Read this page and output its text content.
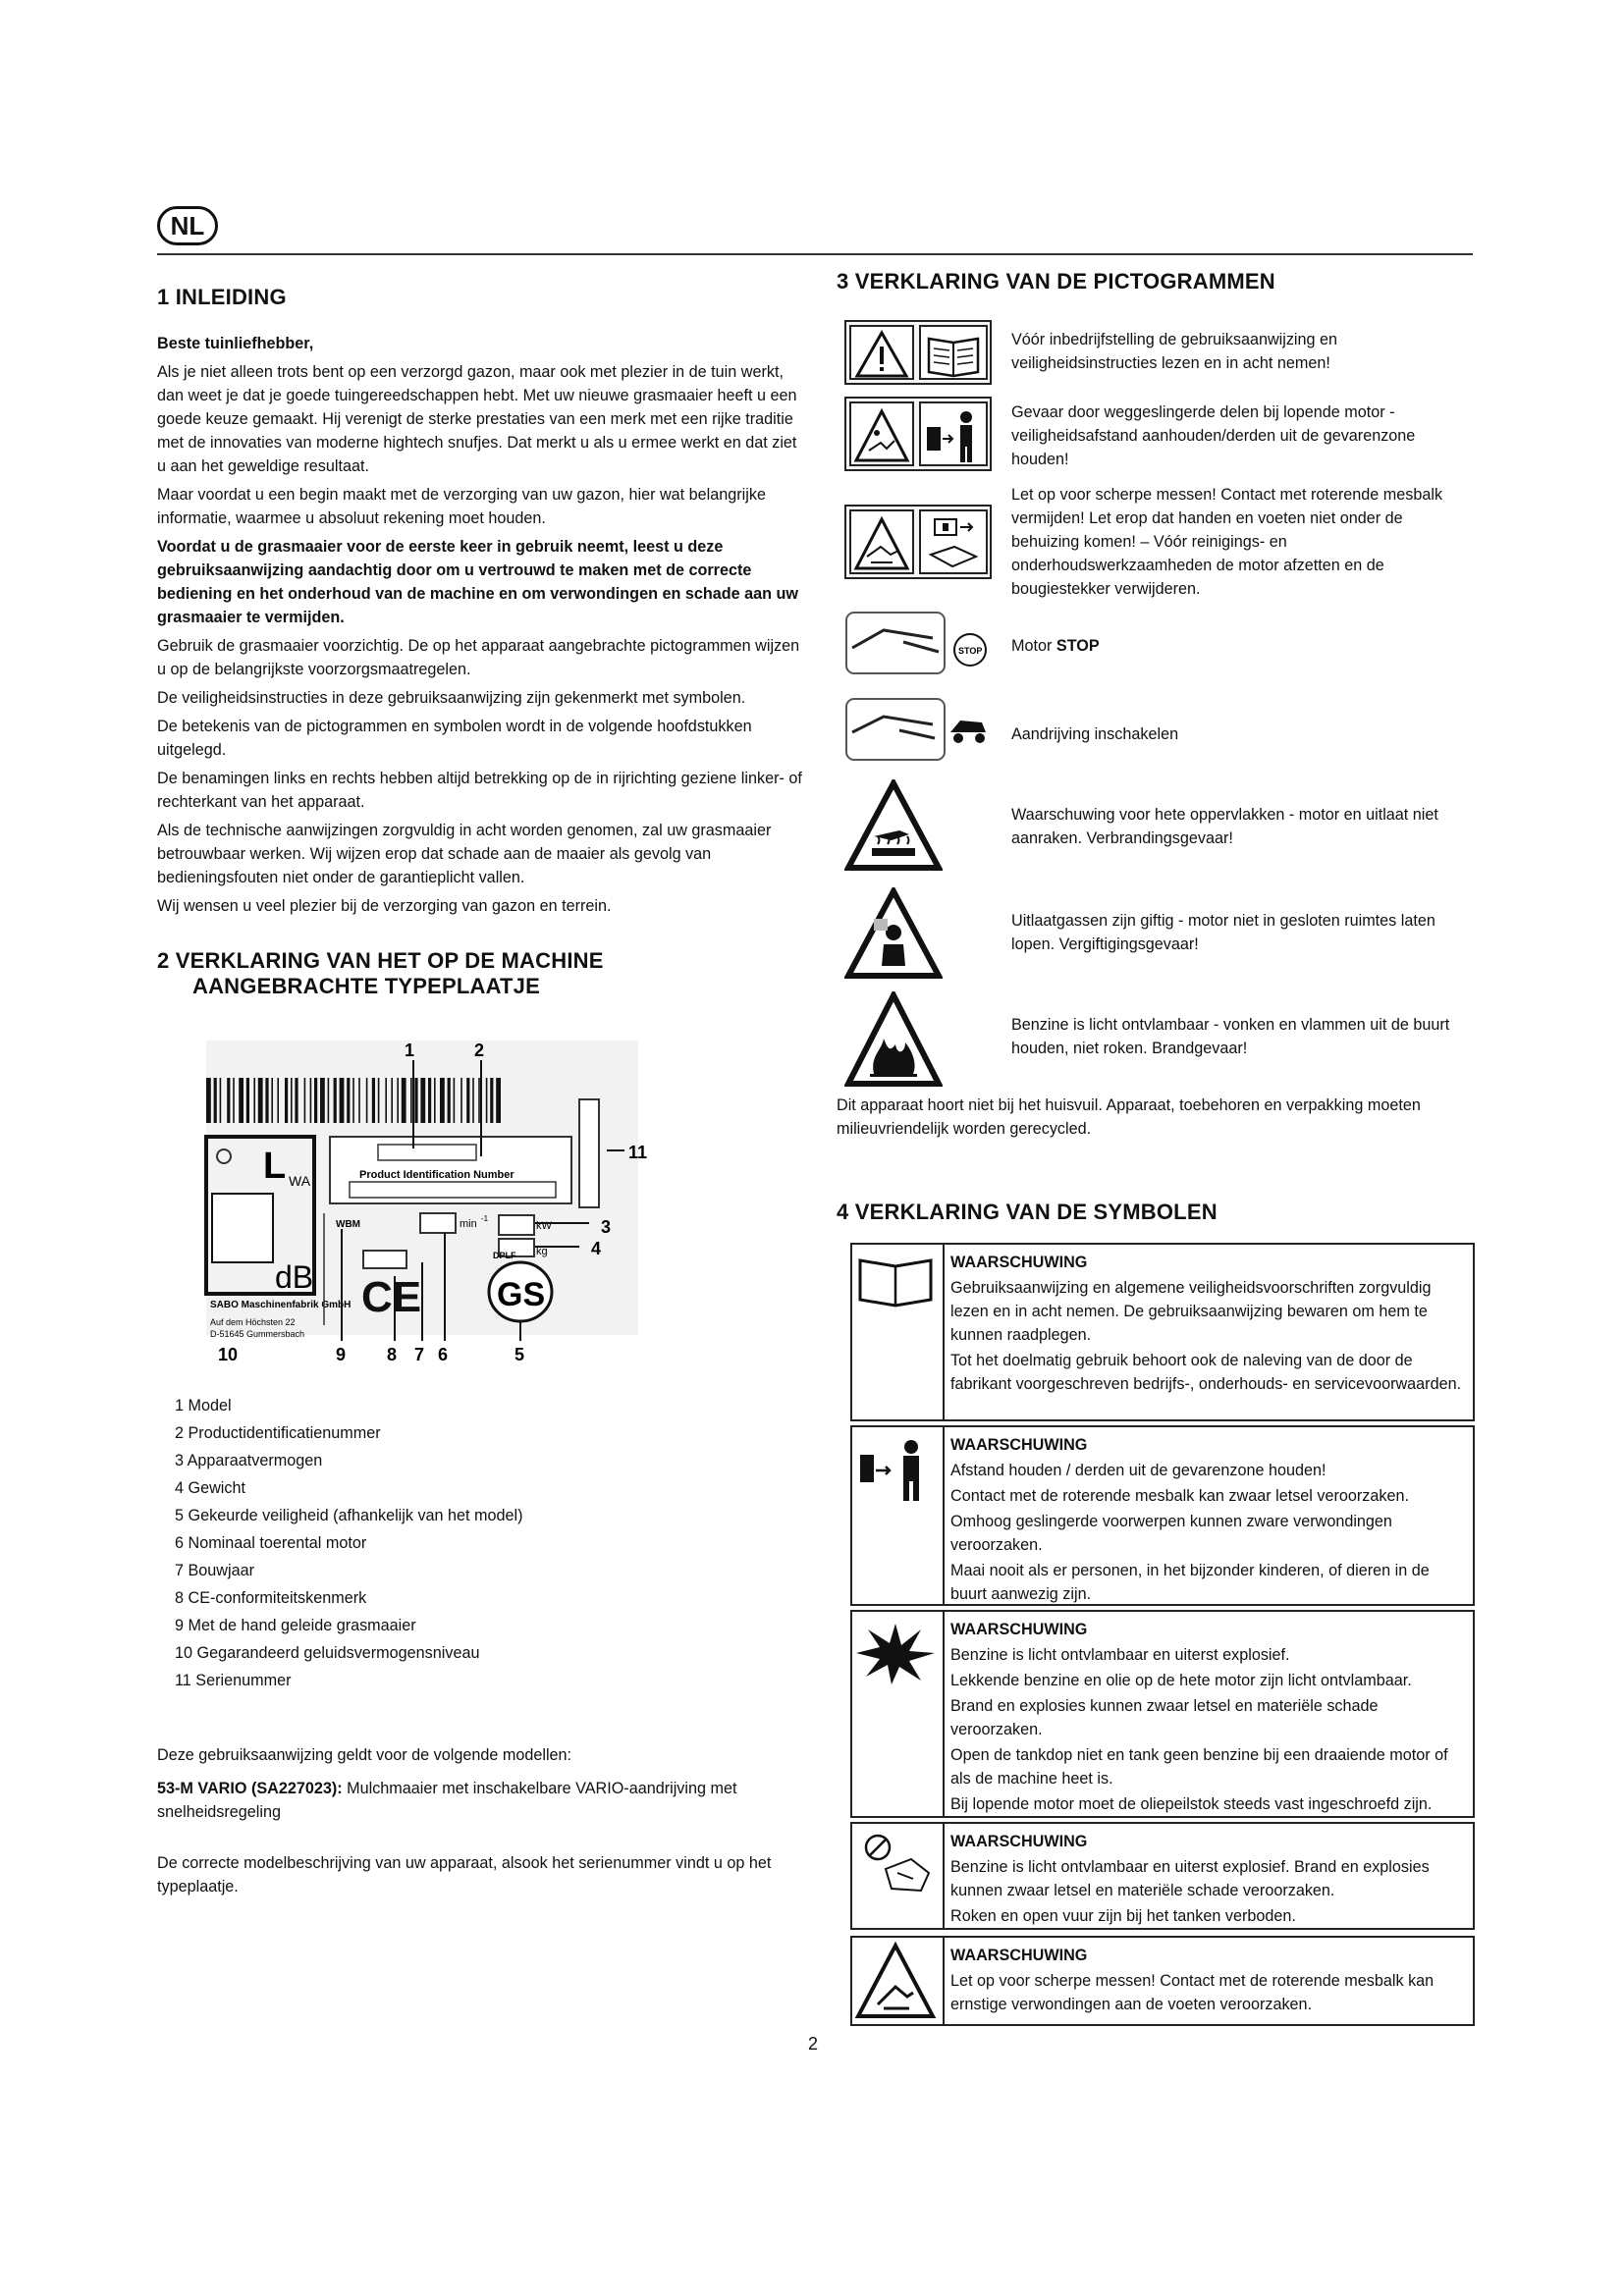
NL
1 INLEIDING

Beste tuinliefhebber,

Als je niet alleen trots bent op een verzorgd gazon, maar ook met plezier in de tuin werkt, dan weet je dat je goede tuingereedschappen hebt. Met uw nieuwe grasmaaier heeft u een goede keuze gemaakt. Hij verenigt de sterke prestaties van een merk met een rijke traditie met de innovaties van moderne hightech snufjes. Dat merkt u als u ermee werkt en dat ziet u aan het geweldige resultaat.

Maar voordat u een begin maakt met de verzorging van uw gazon, hier wat belangrijke informatie, waarmee u absoluut rekening moet houden.

Voordat u de grasmaaier voor de eerste keer in gebruik neemt, leest u deze gebruiksaanwijzing aandachtig door om u vertrouwd te maken met de correcte bediening en het onderhoud van de machine en om verwondingen en schade aan uw grasmaaier te vermijden.

Gebruik de grasmaaier voorzichtig. De op het apparaat aangebrachte pictogrammen wijzen u op de belangrijkste voorzorgsmaatregelen.

De veiligheidsinstructies in deze gebruiksaanwijzing zijn gekenmerkt met symbolen.

De betekenis van de pictogrammen en symbolen wordt in de volgende hoofdstukken uitgelegd.

De benamingen links en rechts hebben altijd betrekking op de in rijrichting geziene linker- of rechterkant van het apparaat.

Als de technische aanwijzingen zorgvuldig in acht worden genomen, zal uw grasmaaier betrouwbaar werken. Wij wijzen erop dat schade aan de maaier als gevolg van bedieningsfouten niet onder de garantieplicht vallen.

Wij wensen u veel plezier bij de verzorging van gazon en terrein.

2 VERKLARING VAN HET OP DE MACHINE
AANGEBRACHTE TYPEPLAATJE
L WA
dB
Product Identification Number
min -1
kW
kg
WBM
CE
DPLF
GS
SABO Maschinenfabrik GmbH
Auf dem Höchsten 22
D-51645 Gummersbach
1	2
3
4
5
6
7
8
9
10
11
1 Model
2 Productidentificatienummer
3 Apparaatvermogen
4 Gewicht
5 Gekeurde veiligheid (afhankelijk van het model)
6 Nominaal toerental motor
7 Bouwjaar
8 CE-conformiteitskenmerk
9 Met de hand geleide grasmaaier
10 Gegarandeerd geluidsvermogensniveau
11 Serienummer

Deze gebruiksaanwijzing geldt voor de volgende modellen:

53-M VARIO (SA227023): Mulchmaaier met inschakelbare VARIO-aandrijving met snelheidsregeling

De correcte modelbeschrijving van uw apparaat, alsook het serienummer vindt u op het typeplaatje.

3 VERKLARING VAN DE PICTOGRAMMEN
Vóór inbedrijfstelling de gebruiksaanwijzing en veiligheidsinstructies lezen en in acht nemen!
Gevaar door weggeslingerde delen bij lopende motor - veiligheidsafstand aanhouden/derden uit de gevarenzone houden!
Let op voor scherpe messen! Contact met roterende mesbalk vermijden! Let erop dat handen en voeten niet onder de behuizing komen! – Vóór reinigings- en onderhoudswerkzaamheden de motor afzetten en de bougiestekker verwijderen.
STOP Motor STOP
Aandrijving inschakelen
Waarschuwing voor hete oppervlakken - motor en uitlaat niet aanraken. Verbrandingsgevaar!
Uitlaatgassen zijn giftig - motor niet in gesloten ruimtes laten lopen. Vergiftigingsgevaar!
Benzine is licht ontvlambaar - vonken en vlammen uit de buurt houden, niet roken. Brandgevaar!
Dit apparaat hoort niet bij het huisvuil. Apparaat, toebehoren en verpakking moeten milieuvriendelijk worden gerecycled.
4 VERKLARING VAN DE SYMBOLEN
WAARSCHUWING
Gebruiksaanwijzing en algemene veiligheidsvoorschriften zorgvuldig lezen en in acht nemen. De gebruiksaanwijzing bewaren om hem te kunnen raadplegen.
Tot het doelmatig gebruik behoort ook de naleving van de door de fabrikant voorgeschreven bedrijfs-, onderhouds- en servicevoorwaarden.
WAARSCHUWING
Afstand houden / derden uit de gevarenzone houden!
Contact met de roterende mesbalk kan zwaar letsel veroorzaken.
Omhoog geslingerde voorwerpen kunnen zware verwondingen veroorzaken.
Maai nooit als er personen, in het bijzonder kinderen, of dieren in de buurt aanwezig zijn.
WAARSCHUWING
Benzine is licht ontvlambaar en uiterst explosief.
Lekkende benzine en olie op de hete motor zijn licht ontvlambaar.
Brand en explosies kunnen zwaar letsel en materiële schade veroorzaken.
Open de tankdop niet en tank geen benzine bij een draaiende motor of als de machine heet is.
Bij lopende motor moet de oliepeilstok steeds vast ingeschroefd zijn.
WAARSCHUWING
Benzine is licht ontvlambaar en uiterst explosief. Brand en explosies kunnen zwaar letsel en materiële schade veroorzaken.
Roken en open vuur zijn bij het tanken verboden.
WAARSCHUWING
Let op voor scherpe messen! Contact met de roterende mesbalk kan ernstige verwondingen aan de voeten veroorzaken.
2
